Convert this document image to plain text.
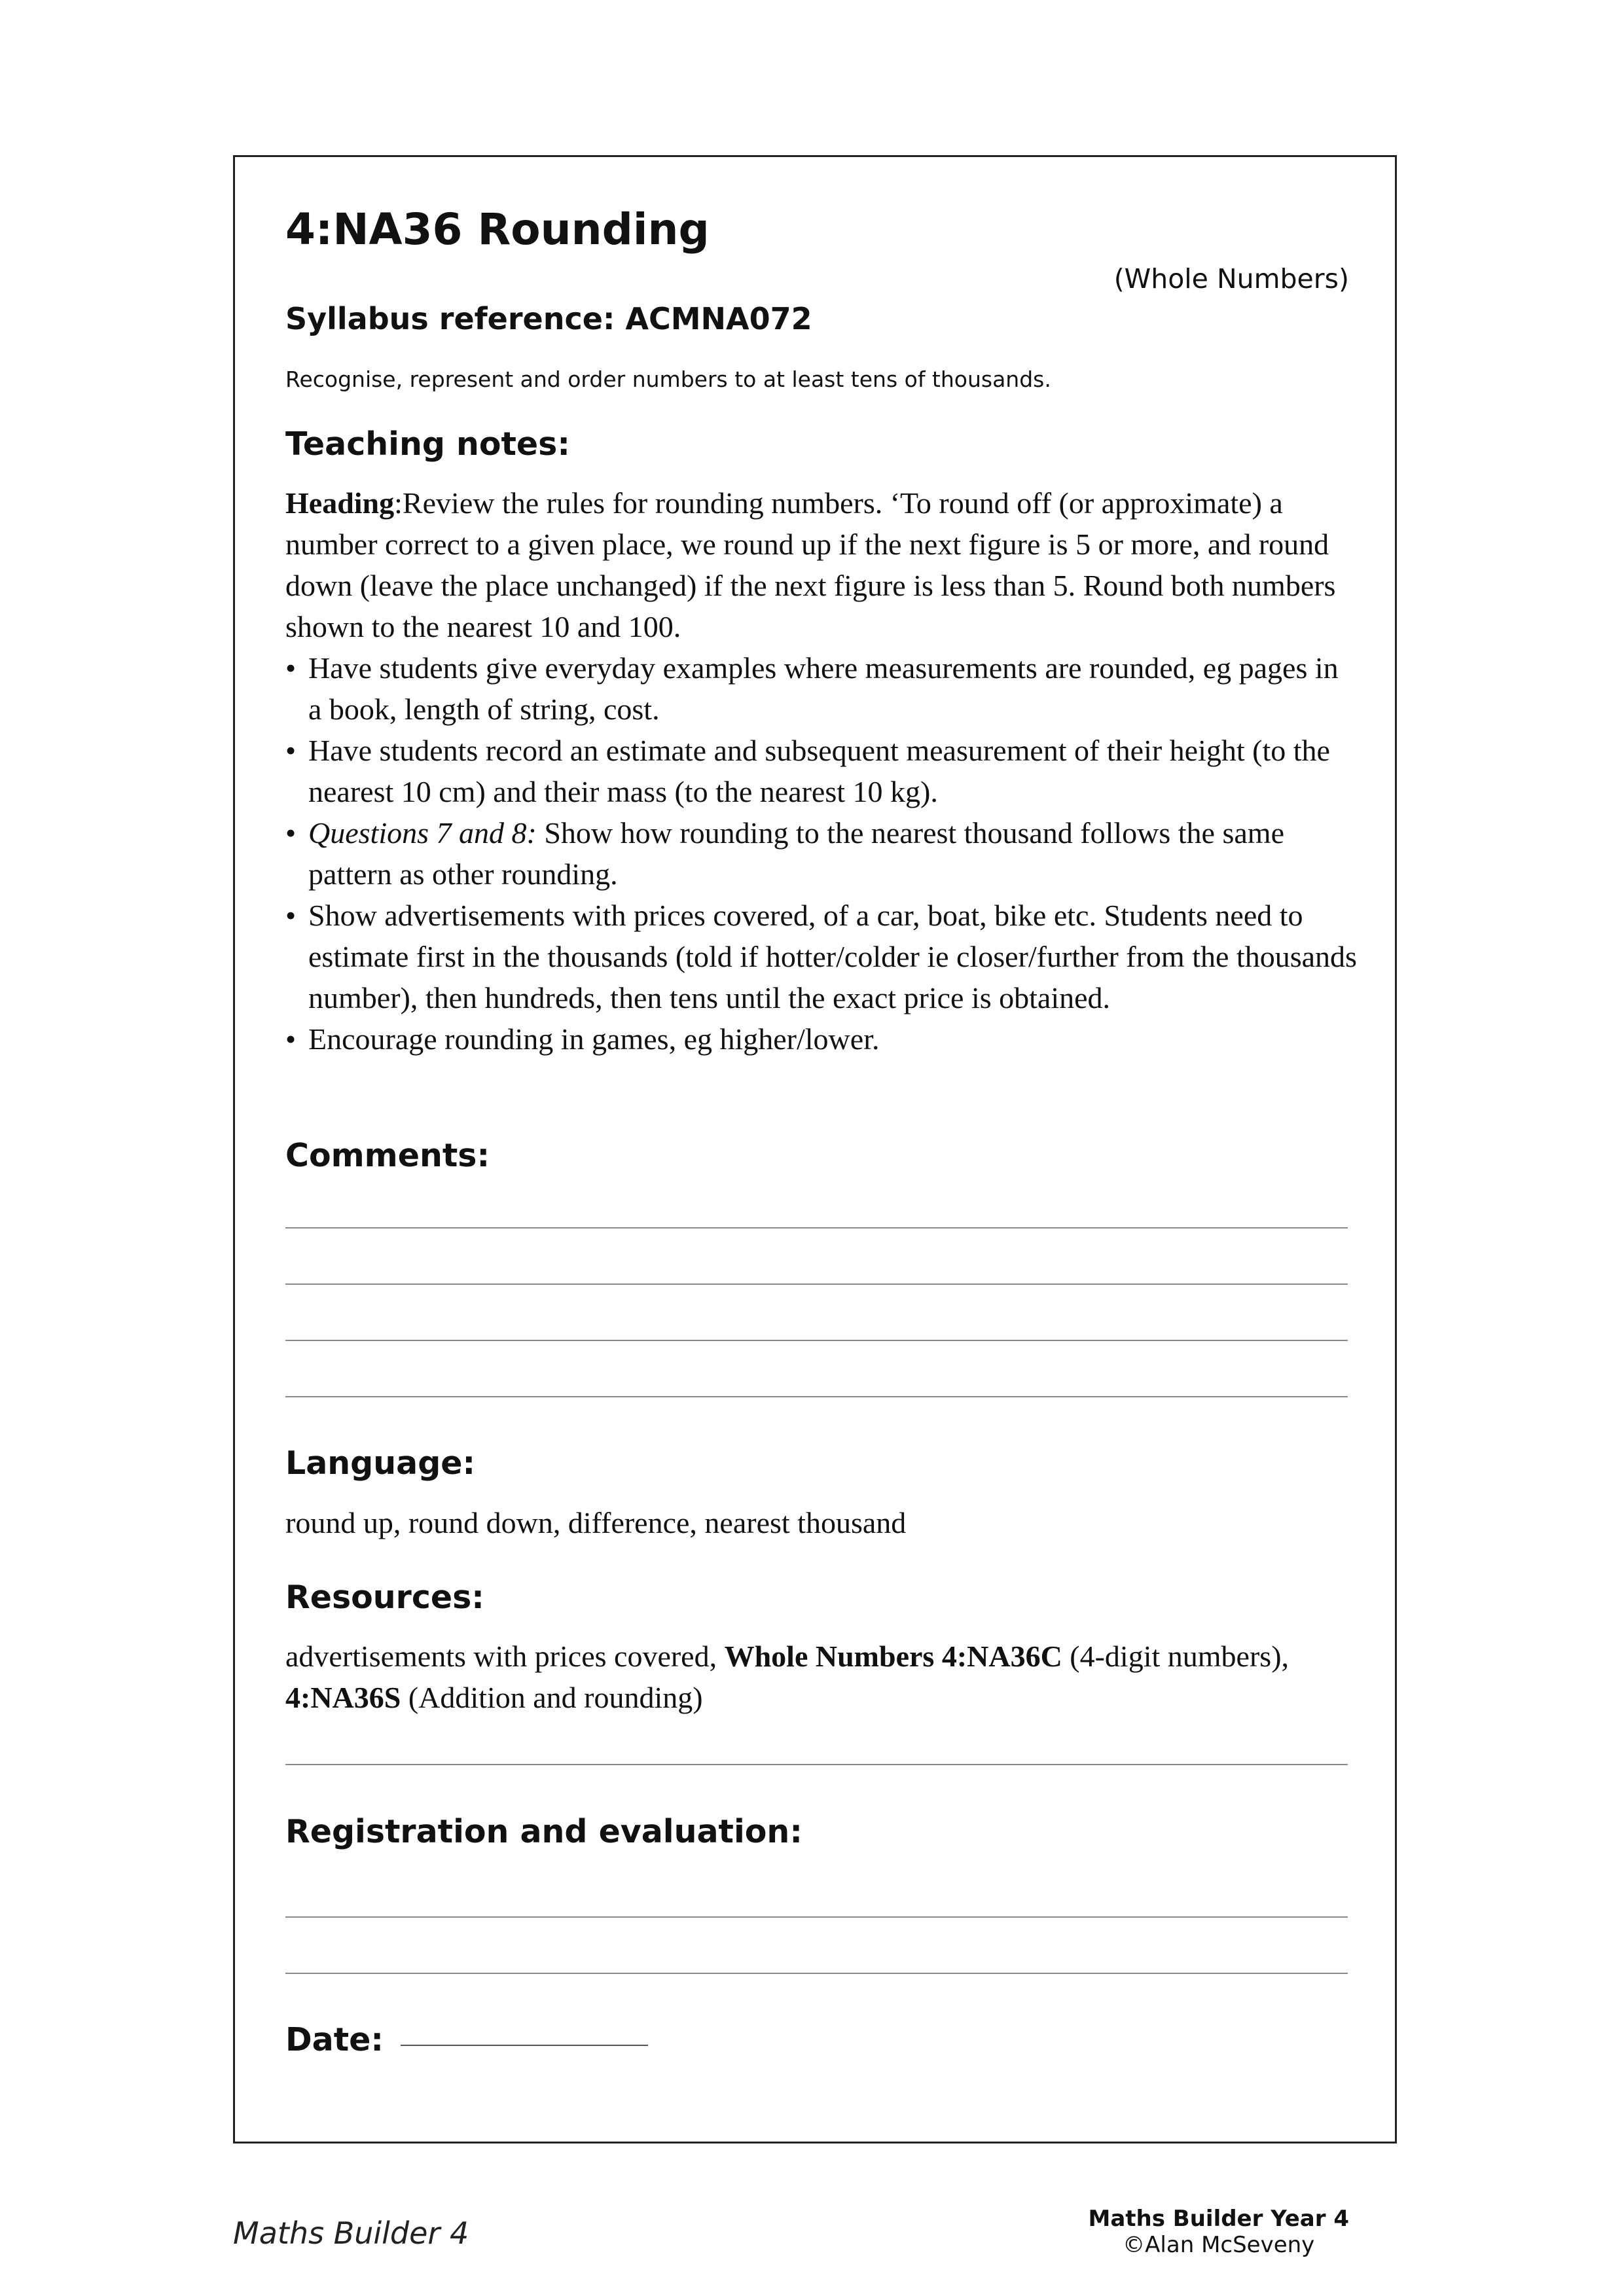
4:NA36 Rounding
(Whole Numbers)
Syllabus reference: ACMNA072
Recognise, represent and order numbers to at least tens of thousands.
Teaching notes:

Heading:Review the rules for rounding numbers. ‘To round off (or approximate) a number correct to a given place, we round up if the next figure is 5 or more, and round down (leave the place unchanged) if the next figure is less than 5. Round both numbers shown to the nearest 10 and 100.

• Have students give everyday examples where measurements are rounded, eg pages in a book, length of string, cost.
• Have students record an estimate and subsequent measurement of their height (to the nearest 10 cm) and their mass (to the nearest 10 kg).
• Questions 7 and 8: Show how rounding to the nearest thousand follows the same pattern as other rounding.
• Show advertisements with prices covered, of a car, boat, bike etc. Students need to estimate first in the thousands (told if hotter/colder ie closer/further from the thousands number), then hundreds, then tens until the exact price is obtained.
• Encourage rounding in games, eg higher/lower.
Comments:
Language:
round up, round down, difference, nearest thousand
Resources:
advertisements with prices covered, Whole Numbers 4:NA36C (4-digit numbers), 4:NA36S (Addition and rounding)
Registration and evaluation:
Date:
Maths Builder 4	Maths Builder Year 4
©Alan McSeveny
